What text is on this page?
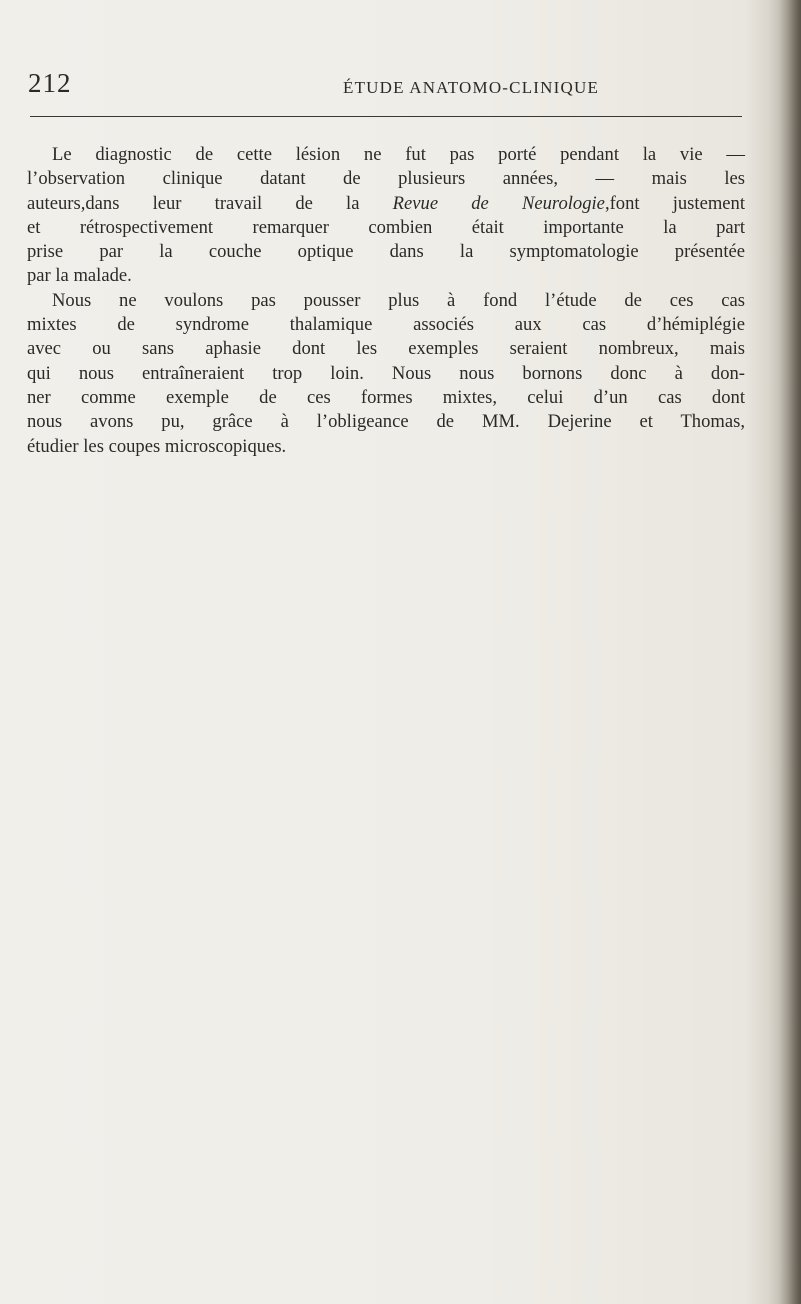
212	ÉTUDE ANATOMO-CLINIQUE
Le diagnostic de cette lésion ne fut pas porté pendant la vie —
l’observation clinique datant de plusieurs années, — mais les
auteurs,dans leur travail de la Revue de Neurologie,font justement
et rétrospectivement remarquer combien était importante la part
prise par la couche optique dans la symptomatologie présentée
par la malade.
Nous ne voulons pas pousser plus à fond l’étude de ces cas
mixtes de syndrome thalamique associés aux cas d’hémiplégie
avec ou sans aphasie dont les exemples seraient nombreux, mais
qui nous entraîneraient trop loin. Nous nous bornons donc à don-
ner comme exemple de ces formes mixtes, celui d’un cas dont
nous avons pu, grâce à l’obligeance de MM. Dejerine et Thomas,
étudier les coupes microscopiques.
